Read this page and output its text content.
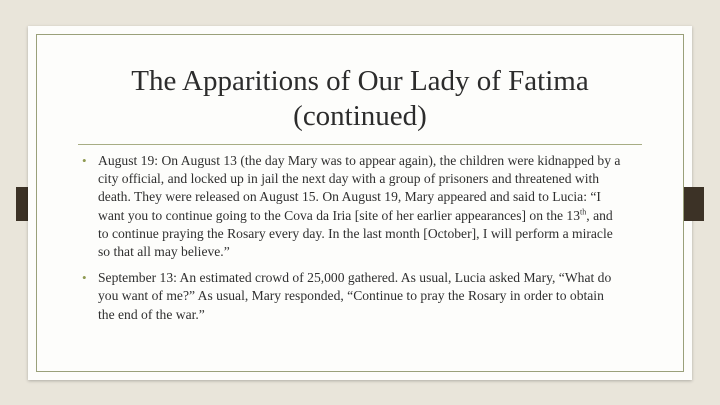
The Apparitions of Our Lady of Fatima
(continued)
• August 19: On August 13 (the day Mary was to appear again), the children were kidnapped by a city official, and locked up in jail the next day with a group of prisoners and threatened with death. They were released on August 15. On August 19, Mary appeared and said to Lucia: “I want you to continue going to the Cova da Iria [site of her earlier appearances] on the 13th, and to continue praying the Rosary every day. In the last month [October], I will perform a miracle so that all may believe.”
• September 13: An estimated crowd of 25,000 gathered. As usual, Lucia asked Mary, “What do you want of me?” As usual, Mary responded, “Continue to pray the Rosary in order to obtain the end of the war.”
